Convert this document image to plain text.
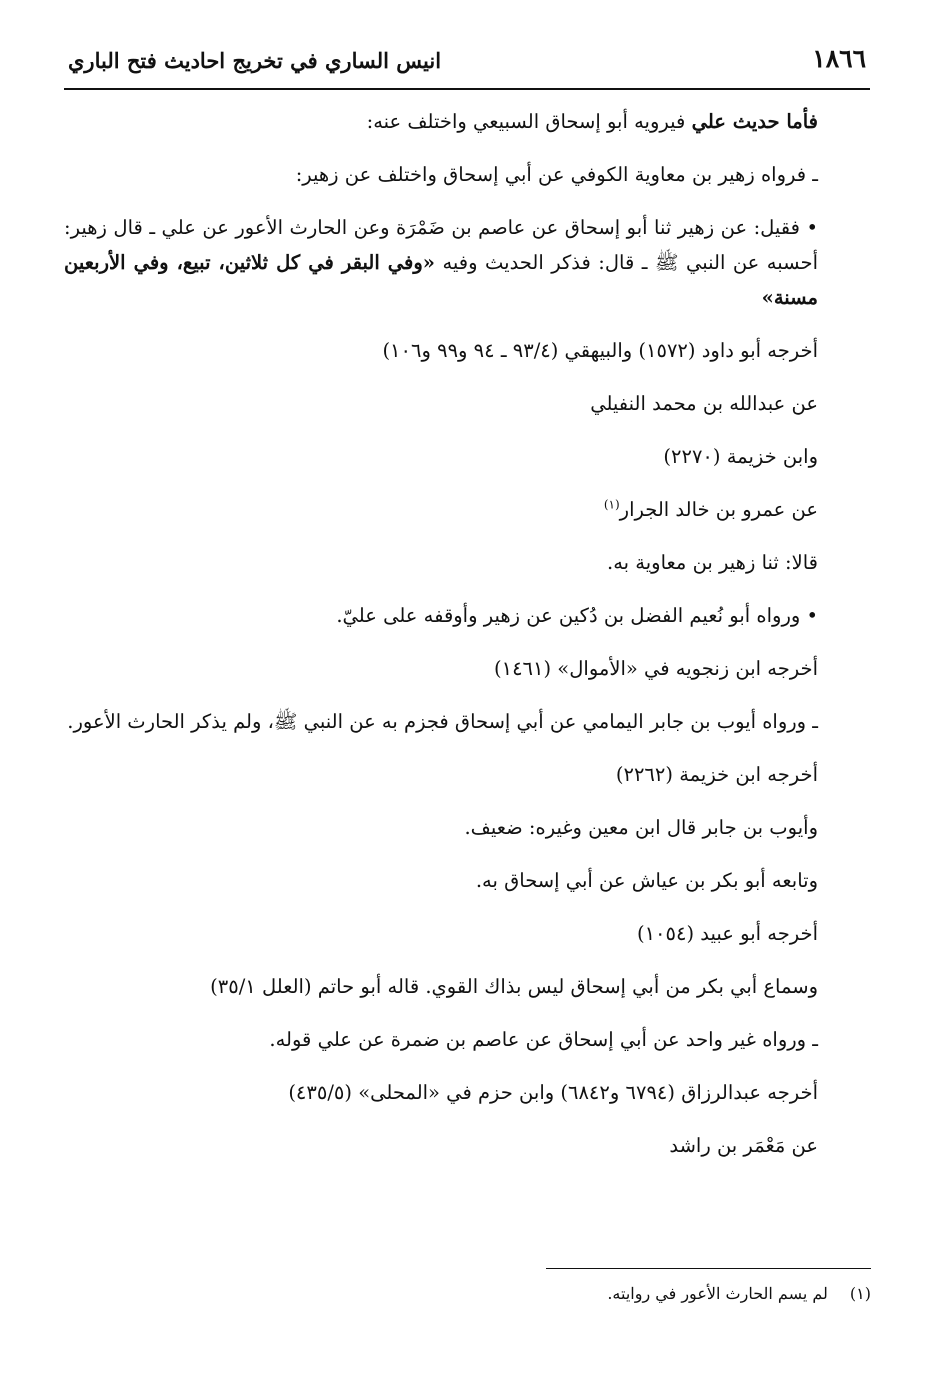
١٨٦٦
انيس الساري في تخريج احاديث فتح الباري

فأما حديث علي فيرويه أبو إسحاق السبيعي واختلف عنه:

ـ فرواه زهير بن معاوية الكوفي عن أبي إسحاق واختلف عن زهير:

• فقيل: عن زهير ثنا أبو إسحاق عن عاصم بن ضَمْرَة وعن الحارث الأعور عن علي ـ قال زهير: أحسبه عن النبي ﷺ ـ قال: فذكر الحديث وفيه «وفي البقر في كل ثلاثين، تبيع، وفي الأربعين مسنة»

أخرجه أبو داود (١٥٧٢) والبيهقي (٩٣/٤ ـ ٩٤ و٩٩ و١٠٦)

عن عبدالله بن محمد النفيلي

وابن خزيمة (٢٢٧٠)

عن عمرو بن خالد الجرار$^{(١)}$

قالا: ثنا زهير بن معاوية به.

• ورواه أبو نُعيم الفضل بن دُكين عن زهير وأوقفه على عليّ.

أخرجه ابن زنجويه في «الأموال» (١٤٦١)

ـ ورواه أيوب بن جابر اليمامي عن أبي إسحاق فجزم به عن النبي ﷺ، ولم يذكر الحارث الأعور.

أخرجه ابن خزيمة (٢٢٦٢)

وأيوب بن جابر قال ابن معين وغيره: ضعيف.

وتابعه أبو بكر بن عياش عن أبي إسحاق به.

أخرجه أبو عبيد (١٠٥٤)

وسماع أبي بكر من أبي إسحاق ليس بذاك القوي. قاله أبو حاتم (العلل ٣٥/١)

ـ ورواه غير واحد عن أبي إسحاق عن عاصم بن ضمرة عن علي قوله.

أخرجه عبدالرزاق (٦٧٩٤ و٦٨٤٢) وابن حزم في «المحلى» (٤٣٥/٥)

عن مَعْمَر بن راشد

(١)لم يسم الحارث الأعور في روايته.
